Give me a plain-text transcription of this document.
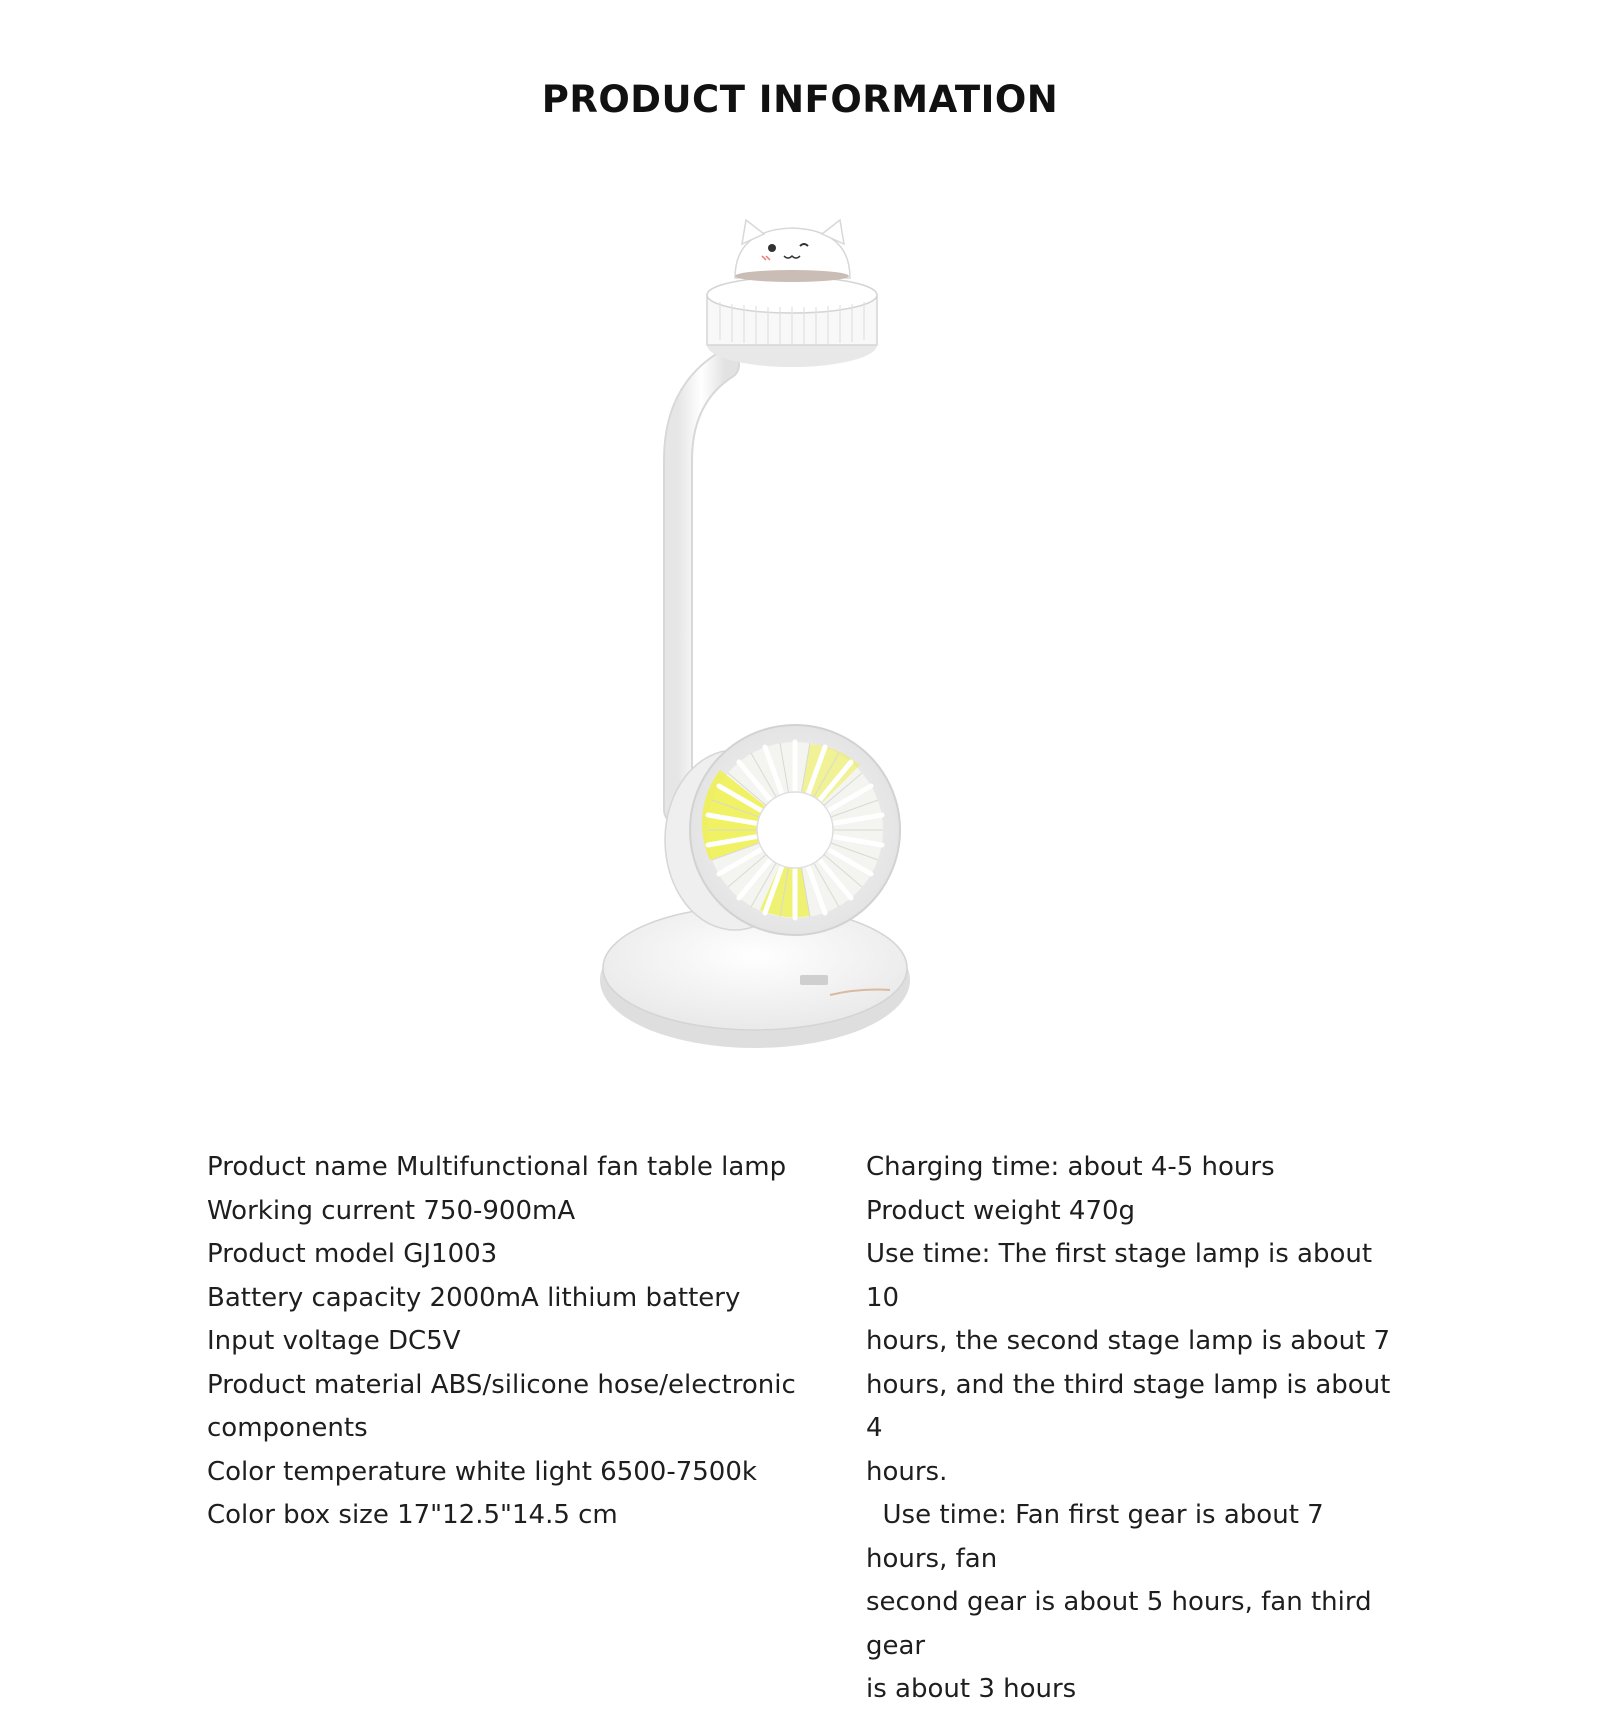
PRODUCT INFORMATION
Product name Multifunctional fan table lamp
Working current 750-900mA
Product model GJ1003
Battery capacity 2000mA lithium battery
Input voltage DC5V
Product material ABS/silicone hose/electronic
components
Color temperature white light 6500-7500k
Color box size 17"12.5"14.5 cm
Charging time: about 4-5 hours
Product weight 470g
Use time: The first stage lamp is about 10
hours, the second stage lamp is about 7
hours, and the third stage lamp is about 4
hours.
Use time: Fan first gear is about 7 hours, fan
second gear is about 5 hours, fan third gear
is about 3 hours
